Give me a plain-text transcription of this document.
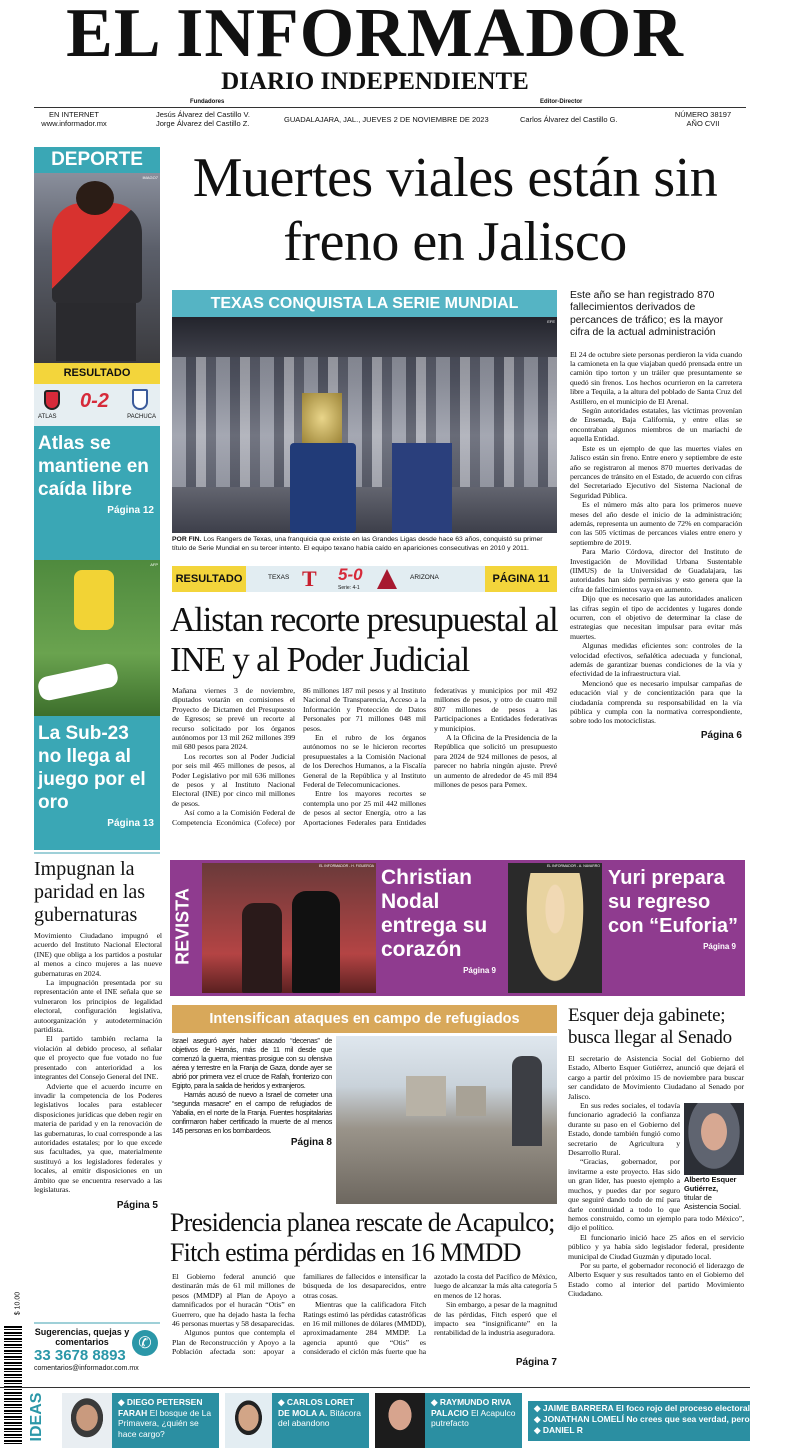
EL INFORMADOR
DIARIO INDEPENDIENTE
Fundadores	Editor-Director
EN INTERNET
www.informador.mx
Jesús Álvarez del Castillo V.
Jorge Álvarez del Castillo Z.	GUADALAJARA, JAL., JUEVES 2 DE NOVIEMBRE DE 2023	Carlos Álvarez del Castillo G.
NÚMERO 38197
AÑO CVII
DEPORTE
IMAGO7
RESULTADO
ATLAS
0-2
PACHUCA
Atlas se mantiene en caída libre
Página 12
AFP
La Sub-23 no llega al juego por el oro
Página 13
Muertes viales están sin freno en Jalisco
TEXAS CONQUISTA LA SERIE MUNDIAL
EFE
POR FIN. Los Rangers de Texas, una franquicia que existe en las Grandes Ligas desde hace 63 años, conquistó su primer título de Serie Mundial en su tercer intento. El equipo texano había caído en apariciones consecutivas en 2010 y 2011.
RESULTADO	TEXAS T 5-0
Serie: 4-1
ARIZONA	PÁGINA 11
Este año se han registrado 870 fallecimientos derivados de percances de tráfico; es la mayor cifra de la actual administración

El 24 de octubre siete personas perdieron la vida cuando la camioneta en la que viajaban quedó prensada entre un camión tipo torton y un tráiler que presuntamente se quedó sin frenos. Los hechos ocurrieron en la carretera libre a Tequila, a la altura del poblado de Santa Cruz del Astillero, en el municipio de El Arenal.

Según autoridades estatales, las víctimas provenían de Ensenada, Baja California, y entre ellas se encontraban algunos miembros de un mariachi de aquella Entidad.

Este es un ejemplo de que las muertes viales en Jalisco están sin freno. Entre enero y septiembre de este año se registraron al menos 870 muertes derivadas de percances de tránsito en el Estado, de acuerdo con cifras del Secretariado Ejecutivo del Sistema Nacional de Seguridad Pública.

Es el número más alto para los primeros nueve meses del año desde el inicio de la administración; además, representa un aumento de 72% en comparación con las 505 víctimas de percances viales entre enero y septiembre de 2019.

Para Mario Córdova, director del Instituto de Investigación de Movilidad Urbana Sustentable (IIMUS) de la Universidad de Guadalajara, las autoridades han sido permisivas y esto genera que la cifra de fallecimientos vaya en aumento.

Dijo que es necesario que las autoridades analicen las cifras según el tipo de accidentes y lugares donde ocurren, con el objetivo de determinar la clase de estrategias que necesitan impulsar para evitar más muertes.

Algunas medidas eficientes son: controles de la velocidad efectivos, señalética adecuada y funcional, además de garantizar buenas condiciones de la vía y efectividad de la infraestructura vial.

Mencionó que es necesario impulsar campañas de educación vial y de concientización para que la ciudadanía comprenda su responsabilidad en la vía pública y cumpla con la normativa correspondiente, sobre todo los motociclistas.

Página 6
Alistan recorte presupuestal al INE y al Poder Judicial

Mañana viernes 3 de noviembre, diputados votarán en comisiones el Proyecto de Dictamen del Presupuesto de Egresos; se prevé un recorte al recurso solicitado por los órganos autónomos por 13 mil 262 millones 399 mil 680 pesos para 2024.

Los recortes son al Poder Judicial por seis mil 465 millones de pesos, al Poder Legislativo por mil 636 millones de pesos y al Instituto Nacional Electoral (INE) por cinco mil millones de pesos.

Así como a la Comisión Federal de Competencia Económica (Cofece) por 86 millones 187 mil pesos y al Instituto Nacional de Transparencia, Acceso a la Información y Protección de Datos Personales por 71 millones 048 mil pesos.

En el rubro de los órganos autónomos no se le hicieron recortes presupuestales a la Comisión Nacional de los Derechos Humanos, a la Fiscalía General de la República y al Instituto Federal de Telecomunicaciones.

Entre los mayores recortes se contempla uno por 25 mil 442 millones de pesos al sector Energía, otro a las Aportaciones Federales para Entidades federativas y municipios por mil 492 millones de pesos, y otro de cuatro mil 807 millones de pesos a las Participaciones a Entidades federativas y municipios.

A la Oficina de la Presidencia de la República que solicitó un presupuesto para 2024 de 924 millones de pesos, al parecer no habría ningún ajuste. Prevé un aumento de alrededor de 45 mil 894 millones de pesos para Pemex.

Impugnan la paridad en las gubernaturas

Movimiento Ciudadano impugnó el acuerdo del Instituto Nacional Electoral (INE) que obliga a los partidos a postular al menos a cinco mujeres a las nueve gubernaturas en 2024.

La impugnación presentada por su representación ante el INE señala que se vulneraron los principios de legalidad electoral, configuración legislativa, autoorganización y autodeterminación partidista.

El partido también reclama la violación al debido proceso, al señalar que el proyecto que fue votado no fue presentado con anterioridad a los integrantes del Consejo General del INE.

Advierte que el acuerdo incurre en invadir la competencia de los Poderes legislativos locales para establecer disposiciones jurídicas que deben regir en materia de paridad y en la renovación de las gubernaturas, lo cual corresponde a las autoridades estatales; por lo que excede sus facultades, ya que, materialmente sustituyó a los legisladores federales y locales, al emitir disposiciones en un ámbito que se encuentra reservado a las legislaturas.

Página 5
✆
Sugerencias, quejas y comentarios
33 3678 8893
comentarios@informador.com.mx
REVISTA
EL INFORMADOR - H. FIGUEROA Christian Nodal entrega su corazón
Página 9
EL INFORMADOR - A. NAVARRO
Yuri prepara su regreso con “Euforia”
Página 9
Intensifican ataques en campo de refugiados

Israel aseguró ayer haber atacado “decenas” de objetivos de Hamás, más de 11 mil desde que comenzó la guerra, mientras prosigue con su ofensiva aérea y terrestre en la Franja de Gaza, donde ayer se abrió por primera vez el cruce de Rafah, fronterizo con Egipto, para la salida de heridos y extranjeros.

Hamás acusó de nuevo a Israel de cometer una “segunda masacre” en el campo de refugiados de Yabalia, en el norte de la Franja. Fuentes hospitalarias confirmaron haber certificado la muerte de al menos 145 personas en los bombardeos.

Página 8
Esquer deja gabinete; busca llegar al Senado

El secretario de Asistencia Social del Gobierno del Estado, Alberto Esquer Gutiérrez, anunció que dejará el cargo a partir del próximo 15 de noviembre para buscar ser candidato de Movimiento Ciudadano al Senado por Jalisco.

Alberto Esquer Gutiérrez,
titular de Asistencia Social.

En sus redes sociales, el todavía funcionario agradeció la confianza durante su paso en el Gobierno del Estado, donde también fungió como secretario de Agricultura y Desarrollo Rural.

“Gracias, gobernador, por invitarme a este proyecto. Has sido un gran líder, has puesto ejemplo a muchos, y puedes dar por seguro que seguiré dando todo de mí para darle continuidad a todo lo que hemos construido, como un ejemplo para todo México”, dijo el político.

El funcionario inició hace 25 años en el servicio público y ya había sido legislador federal, presidente municipal de Ciudad Guzmán y diputado local.

Por su parte, el gobernador reconoció el liderazgo de Alberto Esquer y sus resultados tanto en el Gobierno del Estado como al interior del partido Movimiento Ciudadano.

Presidencia planea rescate de Acapulco; Fitch estima pérdidas en 16 MMDD

El Gobierno federal anunció que destinarán más de 61 mil millones de pesos (MMDP) al Plan de Apoyo a damnificados por el huracán “Otis” en Guerrero, que ha dejado hasta la fecha 46 personas muertas y 58 desaparecidas.

Algunos puntos que contempla el Plan de Reconstrucción y Apoyo a la Población afectada son: apoyar a familiares de fallecidos e intensificar la búsqueda de los desaparecidos, entre otras cosas.

Mientras que la calificadora Fitch Ratings estimó las pérdidas catastróficas en 16 mil millones de dólares (MMDD), aproximadamente 284 MMDP. La agencia apuntó que “Otis” es considerado el ciclón más fuerte que ha azotado la costa del Pacífico de México, luego de alcanzar la más alta categoría 5 en menos de 12 horas.

Sin embargo, a pesar de la magnitud de las pérdidas, Fitch esperó que el impacto sea “insignificante” en la rentabilidad de la industria aseguradora.

Página 7
$ 10.00
IDEAS	◆ DIEGO PETERSEN FARAH El bosque de La Primavera, ¿quién se hace cargo?
◆ CARLOS LORET DE MOLA A. Bitácora del abandono
◆ RAYMUNDO RIVA PALACIO El Acapulco putrefacto
◆ JAIME BARRERA El foco rojo del proceso electoral
◆ JONATHAN LOMELÍ No crees que sea verdad, pero dudas que...
◆ DANIEL R
